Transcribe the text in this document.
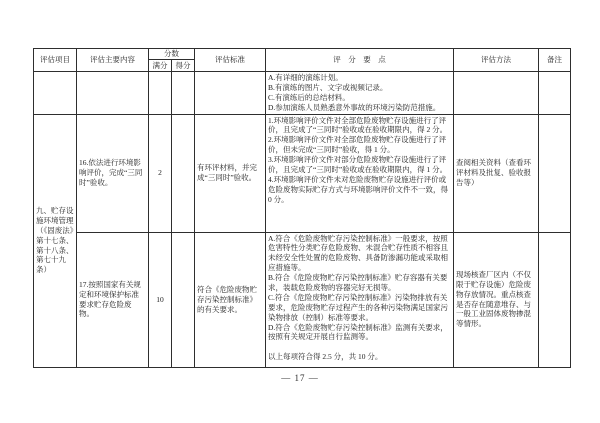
评估项目	评估主要内容	分数		评估标准	评　分　要　点	评估方法	备注
		满分	得分				
					A.有详细的演练计划。
B.有演练的图片、文字或视频记录。
C.有演练后的总结材料。
D.参加演练人员熟悉意外事故的环境污染防范措施。		
九、贮存设施环境管理（《固废法》第十七条、第十八条、第七十九条）	16.依法进行环境影响评价，完成“三同时”验收。	2		有环评材料，并完成“三同时”验收。	1.环境影响评价文件对全部危险废物贮存设施进行了评价，且完成了“三同时”验收或在验收期限内，得 2 分。
2.环境影响评价文件对全部危险废物贮存设施进行了评价，但未完成“三同时”验收，得 1 分。
3.环境影响评价文件对部分危险废物贮存设施进行了评价，且完成了“三同时”验收或在验收期限内，得 1 分。
4.环境影响评价文件未对危险废物贮存设施进行评价或危险废物实际贮存方式与环境影响评价文件不一致，得 0 分。	查阅相关资料（查看环评材料及批复、验收报告等）	
	17.按照国家有关规定和环境保护标准要求贮存危险废物。	10		符合《危险废物贮存污染控制标准》的有关要求。	A.符合《危险废物贮存污染控制标准》一般要求，按照危害特性分类贮存危险废物、未混合贮存性质不相容且未经安全性处置的危险废物、具备防渗漏功能或采取相应措施等。
B.符合《危险废物贮存污染控制标准》贮存容器有关要求，装载危险废物的容器完好无损等。
C.符合《危险废物贮存污染控制标准》污染物排放有关要求，危险废物贮存过程产生的各种污染物满足国家污染物排放（控制）标准等要求。
D.符合《危险废物贮存污染控制标准》监测有关要求，按照有关规定开展自行监测等。

以上每项符合得 2.5 分，共 10 分。	现场核查厂区内（不仅限于贮存设施）危险废物存放情况。重点核查是否存在随意堆存、与一般工业固体废物掺混等情形。	
— 17 —
